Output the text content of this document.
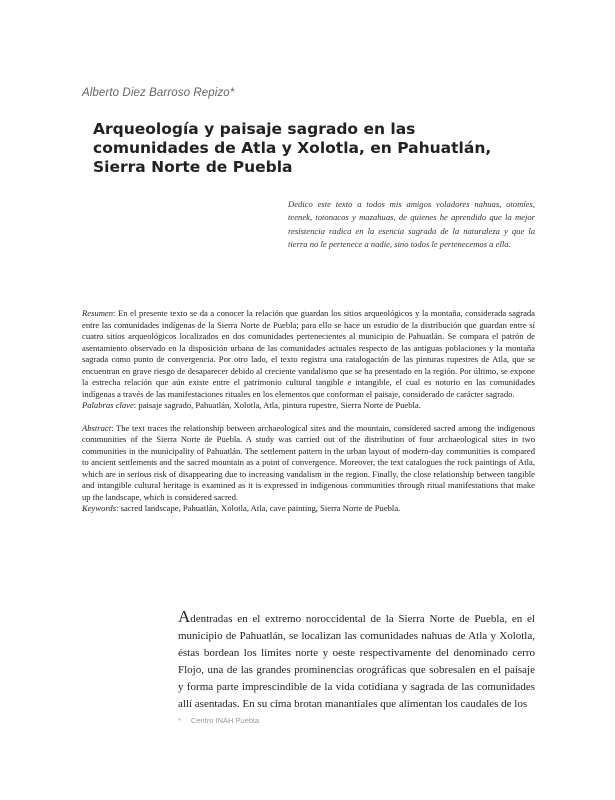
Alberto Diez Barroso Repizo*
Arqueología y paisaje sagrado en las comunidades de Atla y Xolotla, en Pahuatlán, Sierra Norte de Puebla
Dedico este texto a todos mis amigos voladores nahuas, otomíes, teenek, totonacos y mazahuas, de quienes he aprendido que la mejor resistencia radica en la esencia sagrada de la naturaleza y que la tierra no le pertenece a nadie, sino todos le pertenecemos a ella.

Resumen: En el presente texto se da a conocer la relación que guardan los sitios arqueológicos y la montaña, considerada sagrada entre las comunidades indígenas de la Sierra Norte de Puebla; para ello se hace un estudio de la distribución que guardan entre sí cuatro sitios arqueológicos localizados en dos comunidades pertenecientes al municipio de Pahuatlán. Se compara el patrón de asentamiento observado en la disposición urbana de las comunidades actuales respecto de las antiguas poblaciones y la montaña sagrada como punto de convergencia. Por otro lado, el texto registra una catalogación de las pinturas rupestres de Atla, que se encuentran en grave riesgo de desaparecer debido al creciente vandalismo que se ha presentado en la región. Por último, se expone la estrecha relación que aún existe entre el patrimonio cultural tangible e intangible, el cual es notorio en las comunidades indígenas a través de las manifestaciones rituales en los elementos que conforman el paisaje, considerado de carácter sagrado.

Palabras clave: paisaje sagrado, Pahuatlán, Xolotla, Atla, pintura rupestre, Sierra Norte de Puebla.

Abstract: The text traces the relationship between archaeological sites and the mountain, considered sacred among the indigenous communities of the Sierra Norte de Puebla. A study was carried out of the distribution of four archaeological sites in two communities in the municipality of Pahuatlán. The settlement pattern in the urban layout of modern-day communities is compared to ancient settlements and the sacred mountain as a point of convergence. Moreover, the text catalogues the rock paintings of Atla, which are in serious risk of disappearing due to increasing vandalism in the region. Finally, the close relationship between tangible and intangible cultural heritage is examined as it is expressed in indigenous communities through ritual manifestations that make up the landscape, which is considered sacred.

Keywords: sacred landscape, Pahuatlán, Xolotla, Atla, cave painting, Sierra Norte de Puebla.

Adentradas en el extremo noroccidental de la Sierra Norte de Puebla, en el municipio de Pahuatlán, se localizan las comunidades nahuas de Atla y Xolotla, éstas bordean los límites norte y oeste respectivamente del denominado cerro Flojo, una de las grandes prominencias orográficas que sobresalen en el paisaje y forma parte imprescindible de la vida cotidiana y sagrada de las comunidades allí asentadas. En su cima brotan manantiales que alimentan los caudales de los
* Centro INAH Puebla
